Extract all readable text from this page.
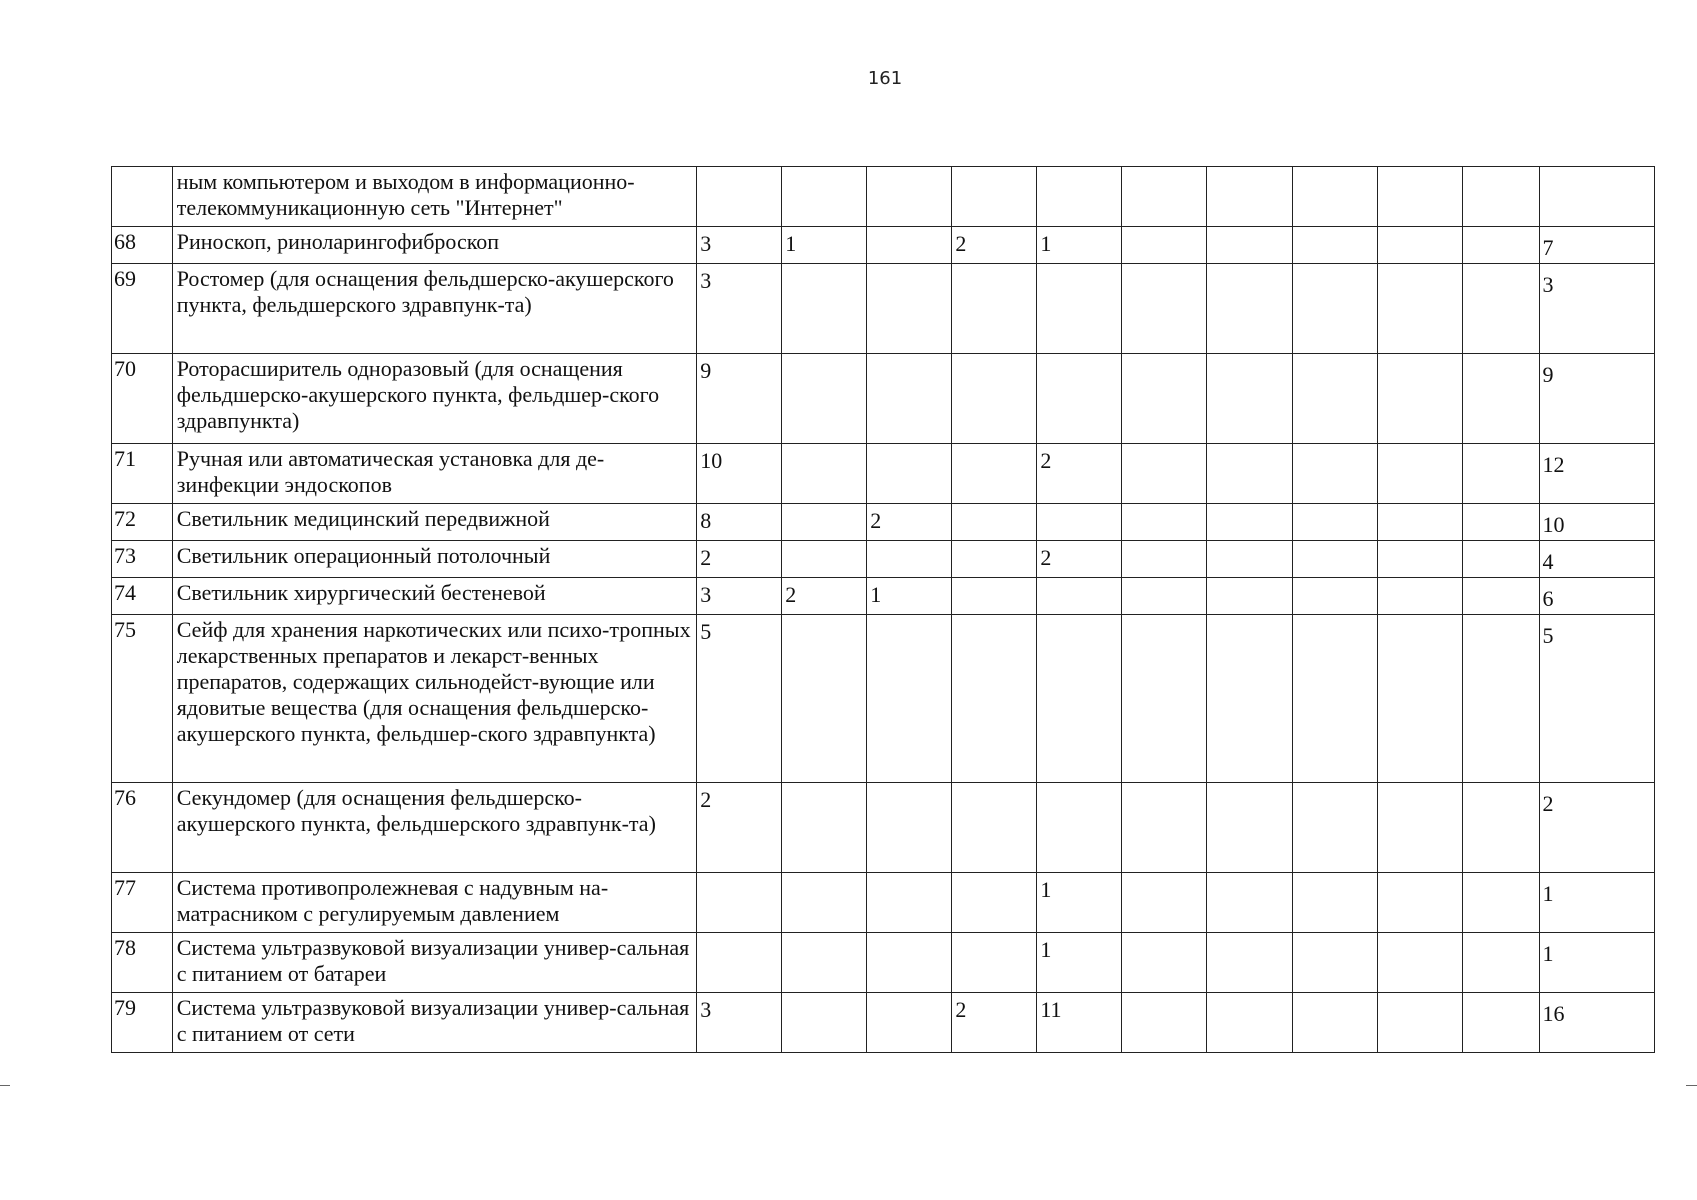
161
	ным компьютером и выходом в информационно-телекоммуникационную сеть "Интернет"											
68	Риноскоп, риноларингофиброскоп	3	1		2	1						7
69	Ростомер (для оснащения фельдшерско-акушерского пункта, фельдшерского здравпунк-та)	3										3
70	Роторасширитель одноразовый (для оснащения фельдшерско-акушерского пункта, фельдшер-ского здравпункта)	9										9
71	Ручная или автоматическая установка для де-зинфекции эндоскопов	10				2						12
72	Светильник медицинский передвижной	8		2								10
73	Светильник операционный потолочный	2				2						4
74	Светильник хирургический бестеневой	3	2	1								6
75	Сейф для хранения наркотических или психо-тропных лекарственных препаратов и лекарст-венных препаратов, содержащих сильнодейст-вующие или ядовитые вещества (для оснащения фельдшерско-акушерского пункта, фельдшер-ского здравпункта)	5										5
76	Секундомер (для оснащения фельдшерско-акушерского пункта, фельдшерского здравпунк-та)	2										2
77	Система противопролежневая с надувным на-матрасником с регулируемым давлением					1						1
78	Система ультразвуковой визуализации универ-сальная с питанием от батареи					1						1
79	Система ультразвуковой визуализации универ-сальная с питанием от сети	3			2	11						16
